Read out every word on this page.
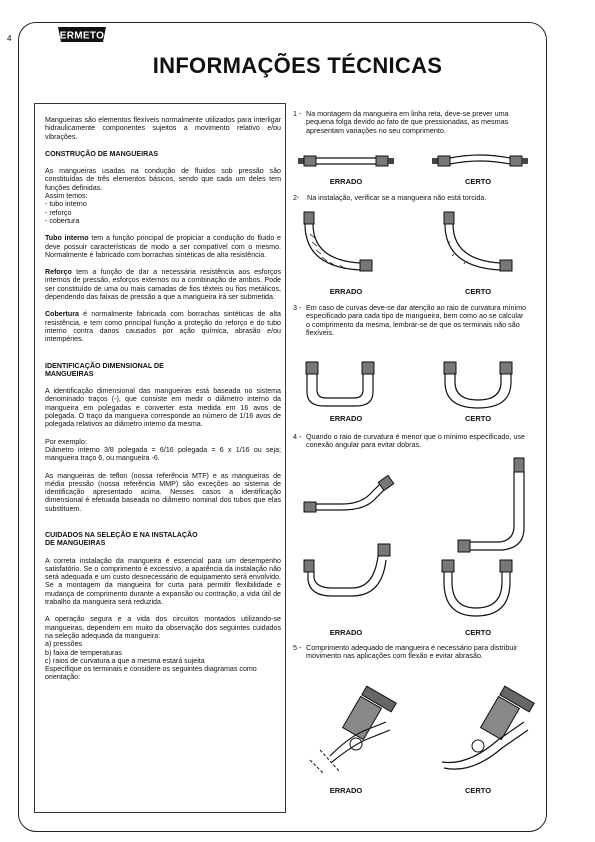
4	ERMETO
INFORMAÇÕES TÉCNICAS

Mangueiras são elementos flexíveis normalmente utilizados para interligar hidraulicamente componentes sujeitos a movimento relativo e/ou vibrações.

CONSTRUÇÃO DE MANGUEIRAS

As mangueiras usadas na condução de fluidos sob pressão são constituídas de três elementos básicos, sendo que cada um deles tem funções definidas.

Assim temos:
- tubo interno
- reforço
- cobertura

Tubo interno tem a função principal de propiciar a condução do fluido e deve possuir características de modo a ser compatível com o mesmo. Normalmente é fabricado com borrachas sintéticas de alta resistência.

Reforço tem a função de dar a necessária resistência aos esforços internos de pressão, esforços externos ou a combinação de ambos. Pode ser constituído de uma ou mais camadas de fios têxteis ou fios metálicos, dependendo das faixas de pressão a que a mangueira irá ser submetida.

Cobertura é normalmente fabricada com borrachas sintéticas de alta resistência, e tem como principal função a proteção do reforço e do tubo interno contra danos causados por ação química, abrasão e/ou intempéries.

IDENTIFICAÇÃO DIMENSIONAL DE

MANGUEIRAS

A identificação dimensional das mangueiras está baseada no sistema denominado traços (-), que consiste em medir o diâmetro interno da mangueira em polegadas e converter esta medida em 16 avos de polegada. O traço da mangueira corresponde ao número de 1/16 avos de polegada relativos ao diâmetro interno da mesma.

Por exemplo:

Diâmetro interno 3/8 polegada = 6/16 polegada = 6 x 1/16 ou seja; mangueira traço 6, ou mangueira -6.

As mangueiras de teflon (nossa referência MTF) e as mangueiras de média pressão (nossa referência MMP) são exceções ao sistema de identificação apresentado acima. Nesses casos a identificação dimensional é efetuada baseada no diâmetro nominal dos tubos que elas substituem.

CUIDADOS NA SELEÇÃO E NA INSTALAÇÃO

DE MANGUEIRAS

A correta instalação da mangueira é essencial para um desempenho satisfatório. Se o comprimento é excessivo, a aparência da instalação não será adequada e um custo desnecessário de equipamento será envolvido. Se a montagem da mangueira for curta para permitir flexibilidade e mudança de comprimento durante a expansão ou contração, a vida útil de trabalho da mangueira será reduzida.

A operação segura e a vida dos circuitos montados utilizando-se mangueiras, dependem em muito da observação dos seguintes cuidados na seleção adequada da mangueira:

a) pressões
b) faixa de temperaturas
c) raios de curvatura a que a mesma estará sujeita
Especifique os terminais e considere os seguintes diagramas como orientação:
1 - Na montagem da mangueira em linha reta, deve-se prever uma pequena folga devido ao fato de que pressionadas, as mesmas apresentam variações no seu comprimento.
2- Na instalação, verificar se a mangueira não está torcida.
3 - Em caso de curvas deve-se dar atenção ao raio de curvatura mínimo especificado para cada tipo de mangueira, bem como ao se calcular o comprimento da mesma, lembrar-se de que os terminais não são flexíveis.
4 - Quando o raio de curvatura é menor que o mínimo especificado, use conexão angular para evitar dobras.
5 - Comprimento adequado de mangueira é necessário para distribuir movimento nas aplicações com flexão e evitar abrasão.
ERRADO	CERTO
ERRADO	CERTO
ERRADO	CERTO
ERRADO	CERTO
ERRADO	CERTO
